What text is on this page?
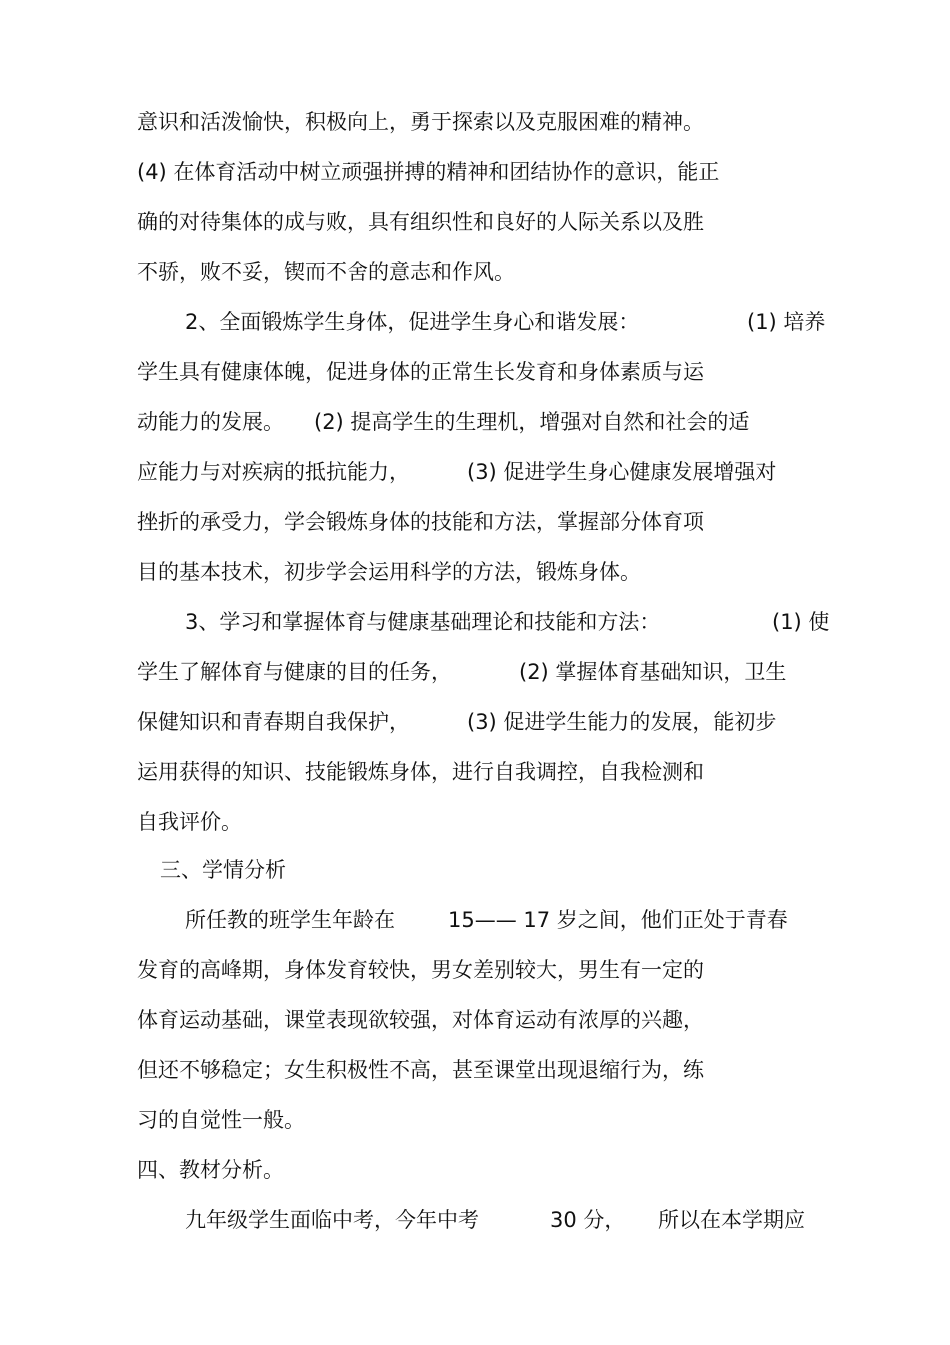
意识和活泼愉快，积极向上，勇于探索以及克服困难的精神。
(4) 在体育活动中树立顽强拼搏的精神和团结协作的意识，能正
确的对待集体的成与败，具有组织性和良好的人际关系以及胜
不骄，败不妥，锲而不舍的意志和作风。
2、全面锻炼学生身体，促进学生身心和谐发展：	(1) 培养
学生具有健康体魄，促进身体的正常生长发育和身体素质与运
动能力的发展。 (2) 提高学生的生理机，增强对自然和社会的适
应能力与对疾病的抵抗能力，	(3) 促进学生身心健康发展增强对
挫折的承受力，学会锻炼身体的技能和方法，掌握部分体育项
目的基本技术，初步学会运用科学的方法，锻炼身体。
3、学习和掌握体育与健康基础理论和技能和方法：	(1) 使
学生了解体育与健康的目的任务，	(2) 掌握体育基础知识，卫生
保健知识和青春期自我保护，	(3) 促进学生能力的发展，能初步
运用获得的知识、技能锻炼身体，进行自我调控，自我检测和
自我评价。
三、学情分析
所任教的班学生年龄在	15—— 17 岁之间，他们正处于青春
发育的高峰期，身体发育较快，男女差别较大，男生有一定的
体育运动基础，课堂表现欲较强，对体育运动有浓厚的兴趣，
但还不够稳定；女生积极性不高，甚至课堂出现退缩行为，练
习的自觉性一般。
四、教材分析。
九年级学生面临中考，今年中考	30 分， 所以在本学期应
